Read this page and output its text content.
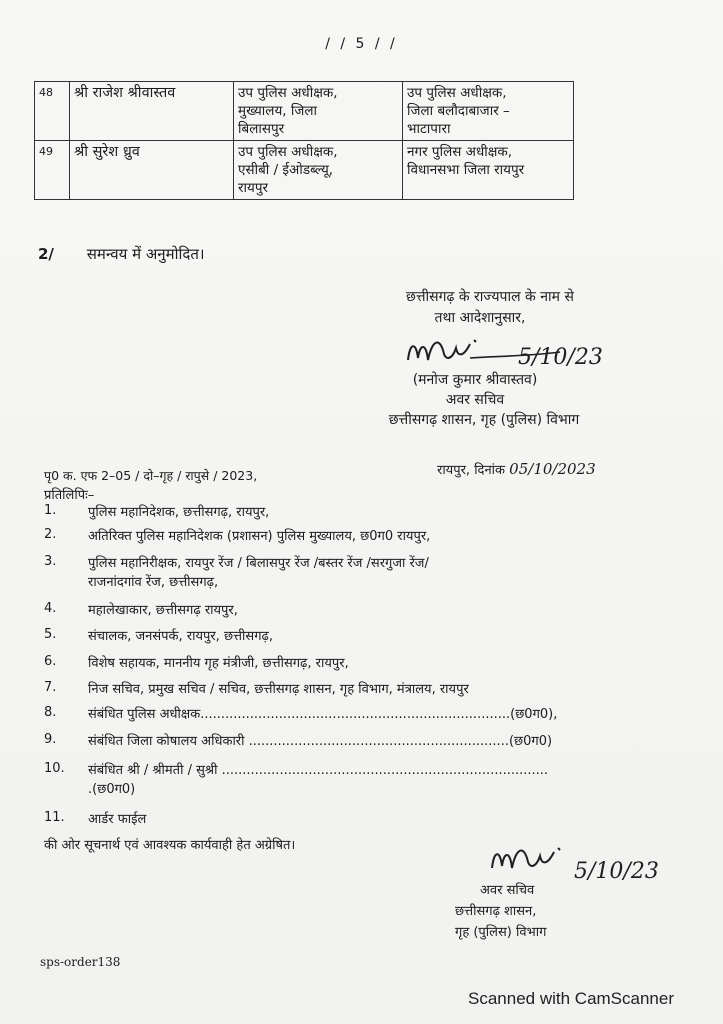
/ / 5 / /
48	श्री राजेश श्रीवास्तव	उप पुलिस अधीक्षक,
मुख्यालय, जिला
बिलासपुर	उप पुलिस अधीक्षक,
जिला बलौदाबाजार –
भाटापारा

49	श्री सुरेश ध्रुव	उप पुलिस अधीक्षक,
एसीबी / ईओडब्ल्यू,
रायपुर	नगर पुलिस अधीक्षक,
विधानसभा जिला रायपुर
2/ समन्वय में अनुमोदित।
छत्तीसगढ़ के राज्यपाल के नाम से
तथा आदेशानुसार,
5/10/23
(मनोज कुमार श्रीवास्तव)
अवर सचिव
छत्तीसगढ़ शासन, गृह (पुलिस) विभाग
पृ0 क. एफ 2–05 / दो–गृह / रापुसे / 2023,	रायपुर, दिनांक 05/10/2023
प्रतिलिपिः–
1.	पुलिस महानिदेशक, छत्तीसगढ़, रायपुर,
2.	अतिरिक्त पुलिस महानिदेशक (प्रशासन) पुलिस मुख्यालय, छ0ग0 रायपुर,
3.	पुलिस महानिरीक्षक, रायपुर रेंज / बिलासपुर रेंज /बस्तर रेंज /सरगुजा रेंज/
राजनांदगांव रेंज, छत्तीसगढ़,
4.	महालेखाकार, छत्तीसगढ़ रायपुर,
5.	संचालक, जनसंपर्क, रायपुर, छत्तीसगढ़,
6.	विशेष सहायक, माननीय गृह मंत्रीजी, छत्तीसगढ़, रायपुर,
7.	निज सचिव, प्रमुख सचिव / सचिव, छत्तीसगढ़ शासन, गृह विभाग, मंत्रालय, रायपुर
8.	संबंधित पुलिस अधीक्षक...........................................................................(छ0ग0),
9.	संबंधित जिला कोषालय अधिकारी ...............................................................(छ0ग0)
10.	संबंधित श्री / श्रीमती / सुश्री ...............................................................................
.(छ0ग0)
11.	आर्डर फाईल
की ओर सूचनार्थ एवं आवश्यक कार्यवाही हेत अग्रेषित।
5/10/23
अवर सचिव
छत्तीसगढ़ शासन,
गृह (पुलिस) विभाग
sps-order138
Scanned with CamScanner
